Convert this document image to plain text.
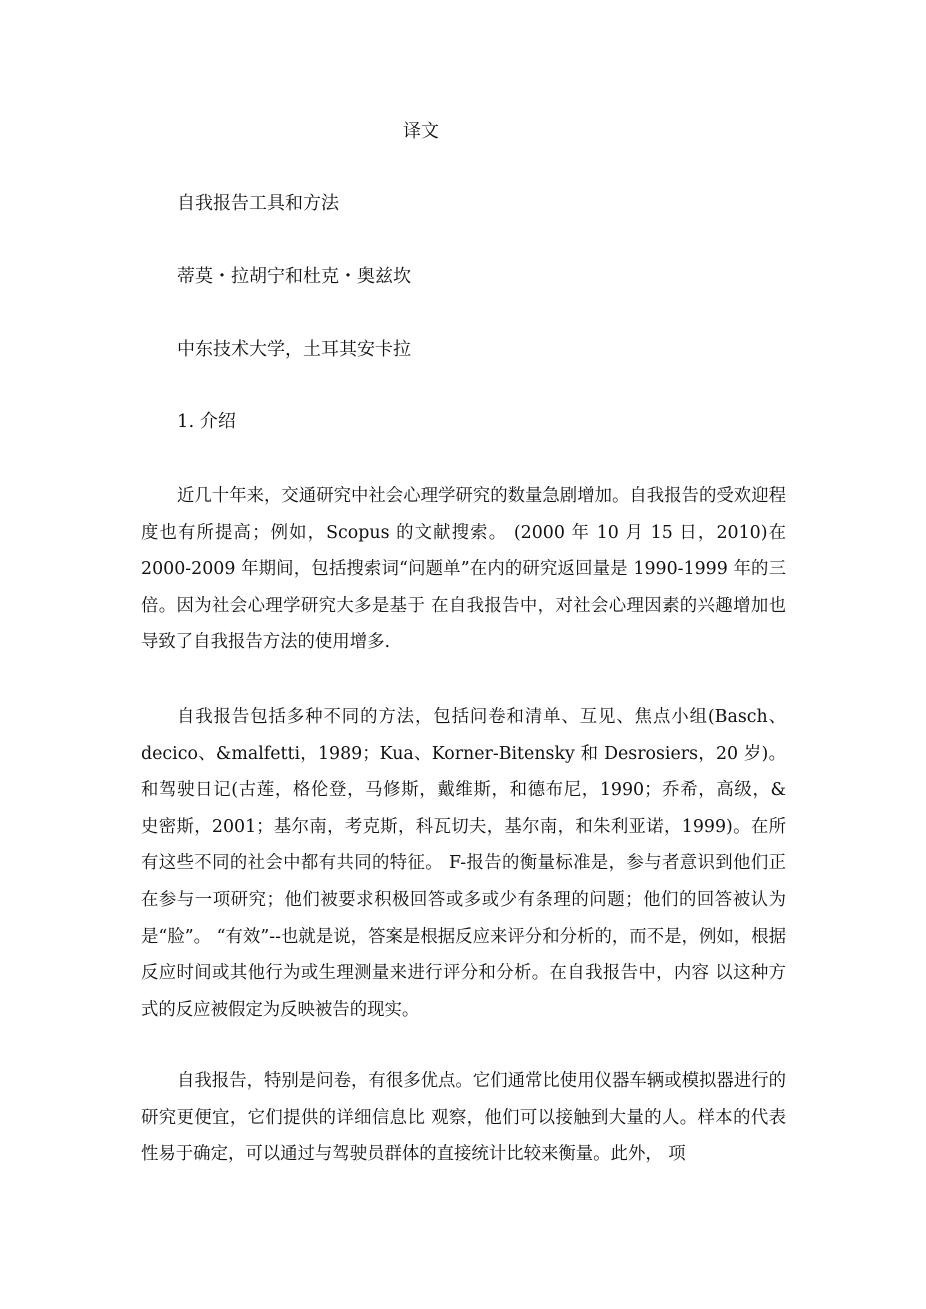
译文

自我报告工具和方法

蒂莫・拉胡宁和杜克・奥兹坎

中东技术大学，土耳其安卡拉

1. 介绍

近几十年来，交通研究中社会心理学研究的数量急剧增加。自我报告的受欢迎程度也有所提高；例如，Scopus 的文献搜索。 (2000 年 10 月 15 日，2010)在 2000-2009 年期间，包括搜索词“问题单”在内的研究返回量是 1990-1999 年的三倍。因为社会心理学研究大多是基于 在自我报告中，对社会心理因素的兴趣增加也导致了自我报告方法的使用增多.

自我报告包括多种不同的方法，包括问卷和清单、互见、焦点小组(Basch、decico、&malfetti，1989；Kua、Korner-Bitensky 和 Desrosiers，20 岁)。 和驾驶日记(古莲，格伦登，马修斯，戴维斯，和德布尼，1990；乔希，高级，& 史密斯，2001；基尔南，考克斯，科瓦切夫，基尔南，和朱利亚诺，1999)。在所有这些不同的社会中都有共同的特征。 F-报告的衡量标准是，参与者意识到他们正在参与一项研究；他们被要求积极回答或多或少有条理的问题；他们的回答被认为是“脸”。 “有效”--也就是说，答案是根据反应来评分和分析的，而不是，例如，根据反应时间或其他行为或生理测量来进行评分和分析。在自我报告中，内容 以这种方式的反应被假定为反映被告的现实。

自我报告，特别是问卷，有很多优点。它们通常比使用仪器车辆或模拟器进行的研究更便宜，它们提供的详细信息比 观察，他们可以接触到大量的人。样本的代表性易于确定，可以通过与驾驶员群体的直接统计比较来衡量。此外， 项
